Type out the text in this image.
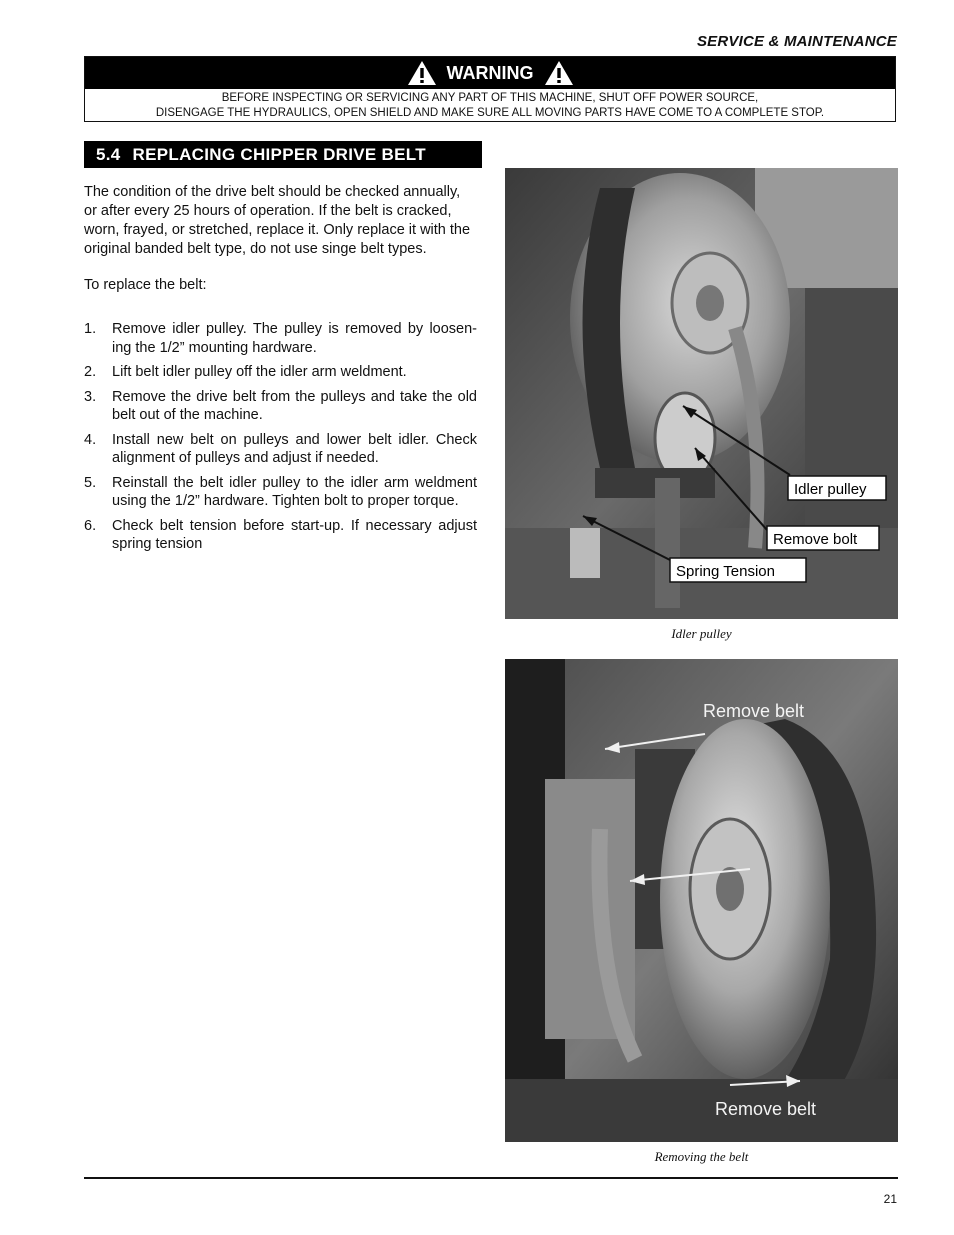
SERVICE & MAINTENANCE
WARNING
BEFORE INSPECTING OR SERVICING ANY PART OF THIS MACHINE, SHUT OFF POWER SOURCE,
DISENGAGE THE HYDRAULICS, OPEN SHIELD AND MAKE SURE ALL MOVING PARTS HAVE COME TO A COMPLETE STOP.
5.4 REPLACING CHIPPER DRIVE BELT

The condition of the drive belt should be checked annually, or after every 25 hours of operation. If the belt is cracked, worn, frayed, or stretched, replace it. Only replace it with the original banded belt type, do not use singe belt types.

To replace the belt:
1.	Remove idler pulley. The pulley is removed by loosen-ing the 1/2” mounting hardware.
2.	Lift belt idler pulley off the idler arm weldment.
3.	Remove the drive belt from the pulleys and take the old belt out of the machine.
4.	Install new belt on pulleys and lower belt idler. Check alignment of pulleys and adjust if needed.
5.	Reinstall the belt idler pulley to the idler arm weldment using the 1/2” hardware. Tighten bolt to proper torque.
6.	Check belt tension before start-up. If necessary adjust spring tension
Idler pulley
Remove bolt
Spring Tension
Idler pulley
Remove belt
Remove belt
Removing the belt
21
